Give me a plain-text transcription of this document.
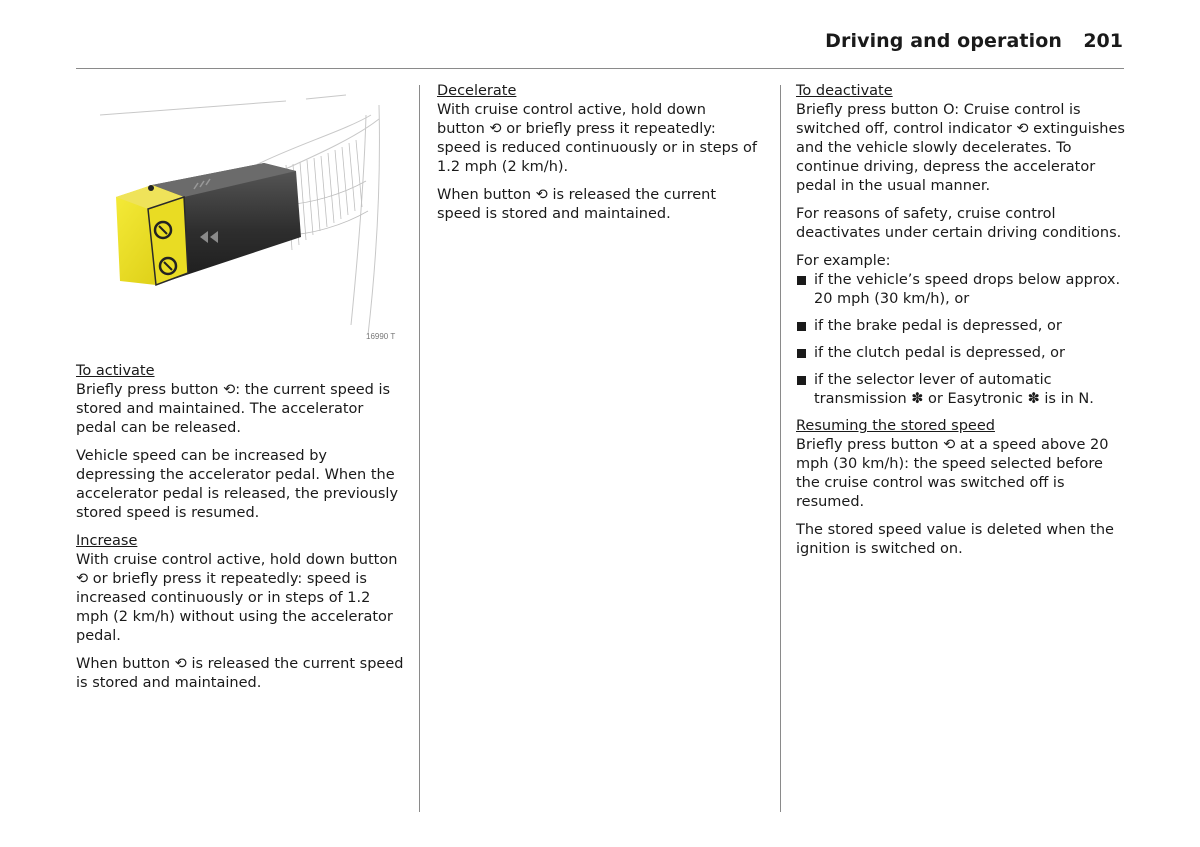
Driving and operation 201
16990 T
To activate

Briefly press button ⟲: the current speed is stored and maintained. The accelerator pedal can be released.

Vehicle speed can be increased by depressing the accelerator pedal. When the accelerator pedal is released, the previously stored speed is resumed.

Increase

With cruise control active, hold down button ⟲ or briefly press it repeatedly: speed is increased continuously or in steps of 1.2 mph (2 km/h) without using the accelerator pedal.

When button ⟲ is released the current speed is stored and maintained.

Decelerate

With cruise control active, hold down button ⟲ or briefly press it repeatedly: speed is reduced continuously or in steps of 1.2 mph (2 km/h).

When button ⟲ is released the current speed is stored and maintained.

To deactivate

Briefly press button O: Cruise control is switched off, control indicator ⟲ extinguishes and the vehicle slowly decelerates. To continue driving, depress the accelerator pedal in the usual manner.

For reasons of safety, cruise control deactivates under certain driving conditions.

For example:
if the vehicle’s speed drops below approx. 20 mph (30 km/h), or
if the brake pedal is depressed, or
if the clutch pedal is depressed, or
if the selector lever of automatic transmission ✽ or Easytronic ✽ is in N.
Resuming the stored speed

Briefly press button ⟲ at a speed above 20 mph (30 km/h): the speed selected before the cruise control was switched off is resumed.

The stored speed value is deleted when the ignition is switched on.
